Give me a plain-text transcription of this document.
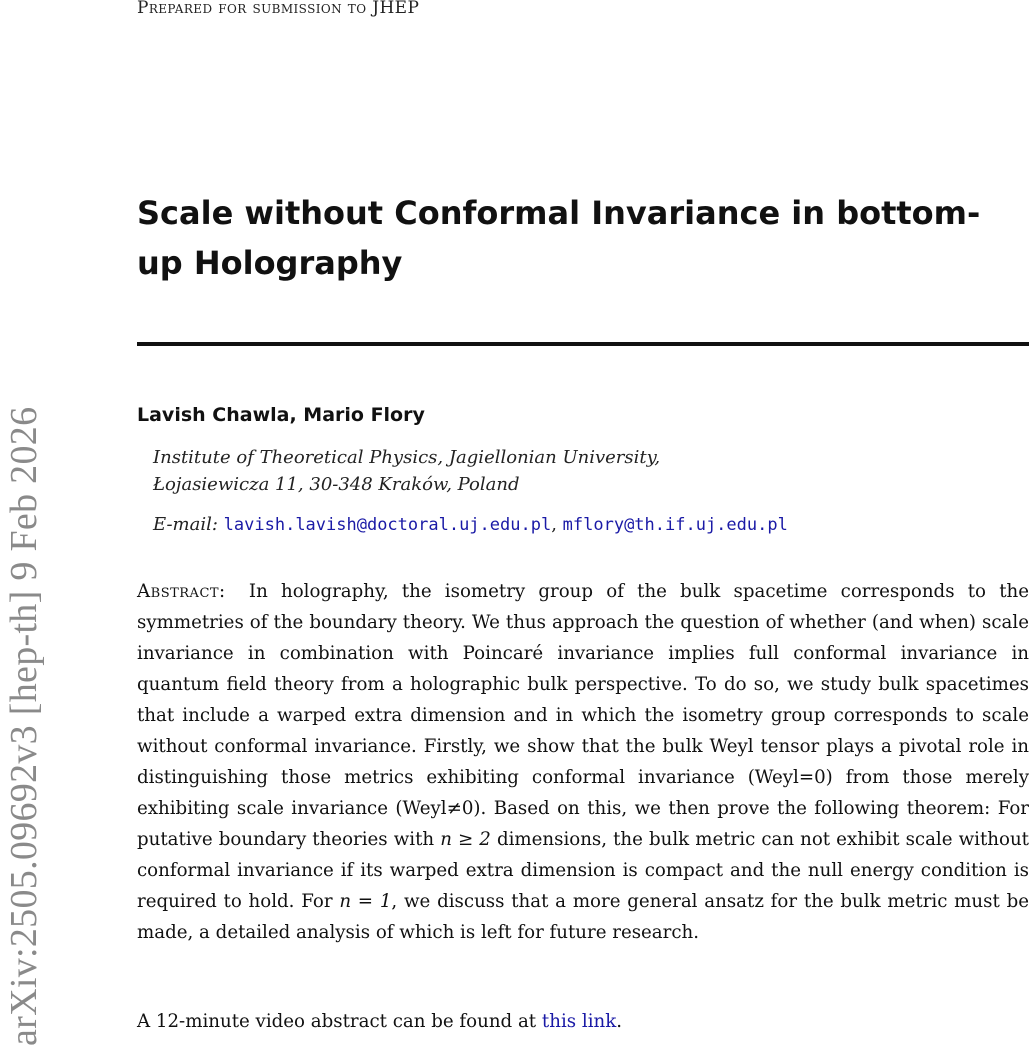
Prepared for submission to JHEP
Scale without Conformal Invariance in bottom-up Holography
Lavish Chawla, Mario Flory
Institute of Theoretical Physics, Jagiellonian University,
Łojasiewicza 11, 30-348 Kraków, Poland
E-mail: lavish.lavish@doctoral.uj.edu.pl, mflory@th.if.uj.edu.pl
Abstract: In holography, the isometry group of the bulk spacetime corresponds to the symmetries of the boundary theory. We thus approach the question of whether (and when) scale invariance in combination with Poincaré invariance implies full conformal invariance in quantum field theory from a holographic bulk perspective. To do so, we study bulk spacetimes that include a warped extra dimension and in which the isometry group corresponds to scale without conformal invariance. Firstly, we show that the bulk Weyl tensor plays a pivotal role in distinguishing those metrics exhibiting conformal invariance (Weyl=0) from those merely exhibiting scale invariance (Weyl≠0). Based on this, we then prove the following theorem: For putative boundary theories with n ≥ 2 dimensions, the bulk metric can not exhibit scale without conformal invariance if its warped extra dimension is compact and the null energy condition is required to hold. For n = 1, we discuss that a more general ansatz for the bulk metric must be made, a detailed analysis of which is left for future research.
A 12-minute video abstract can be found at this link.
arXiv:2505.09692v3 [hep-th] 9 Feb 2026
